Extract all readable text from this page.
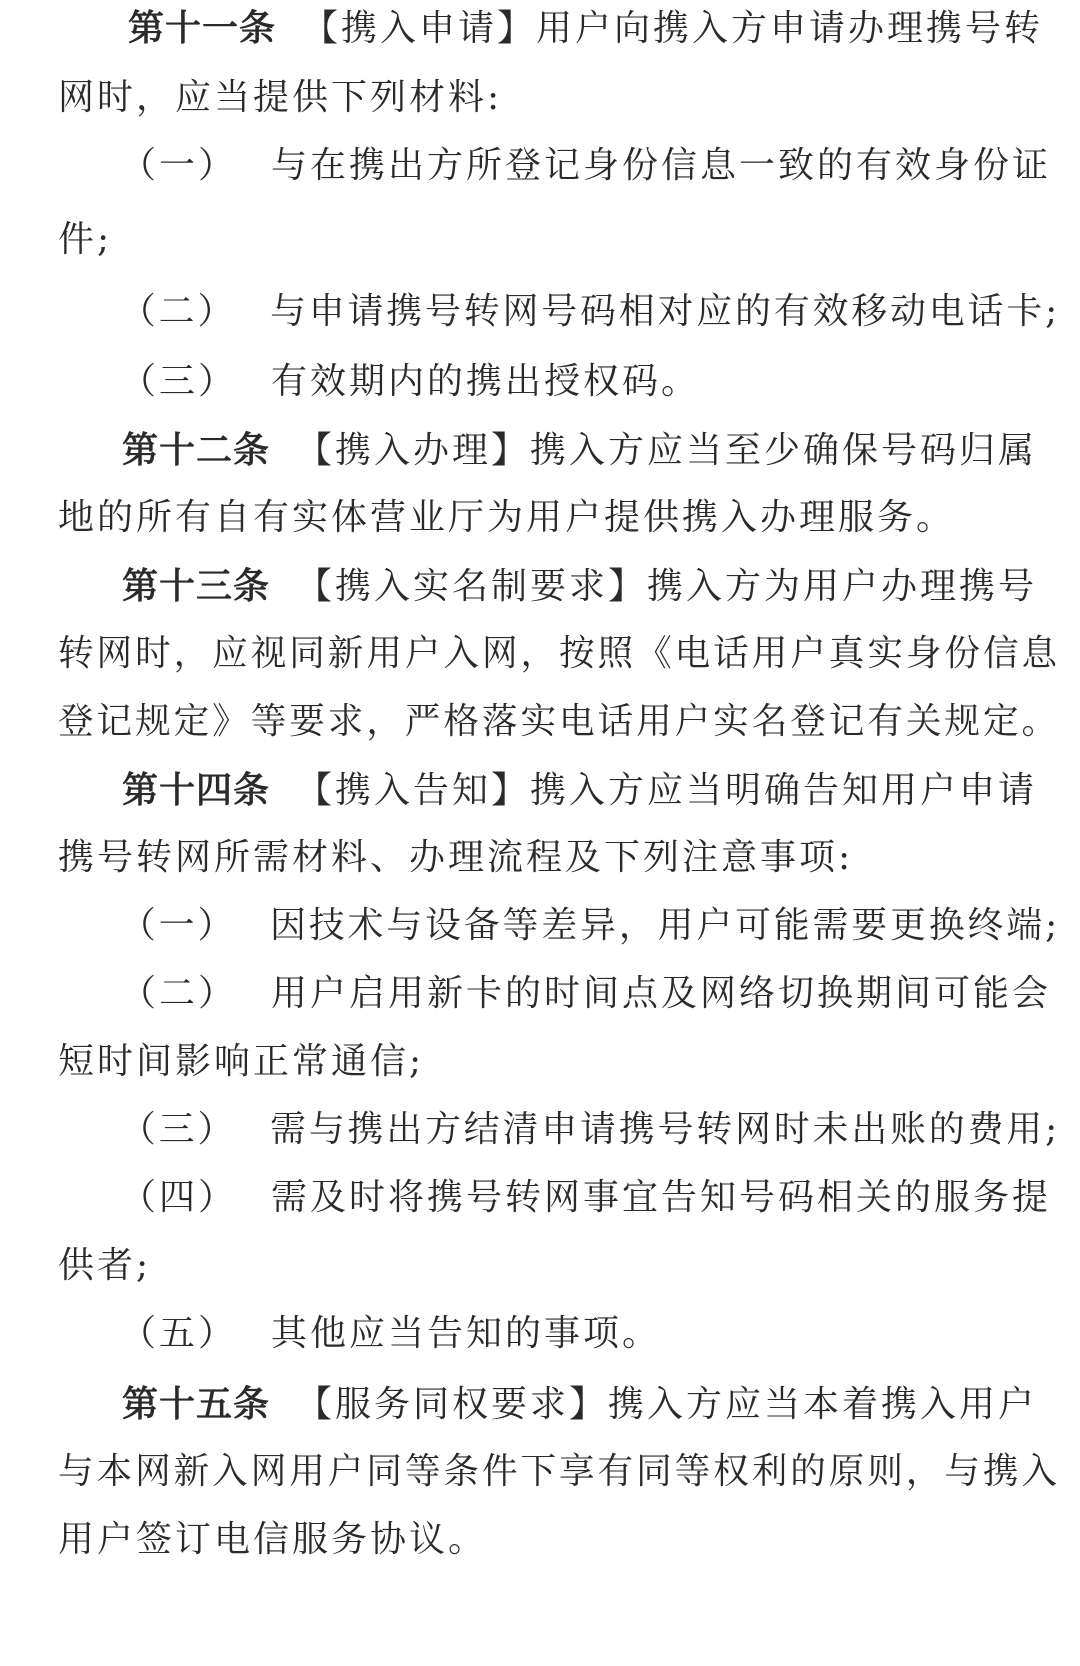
第十一条 【携入申请】用户向携入方申请办理携号转
网时，应当提供下列材料:
（一） 与在携出方所登记身份信息一致的有效身份证
件;
（二） 与申请携号转网号码相对应的有效移动电话卡;
（三） 有效期内的携出授权码。
第十二条 【携入办理】携入方应当至少确保号码归属
地的所有自有实体营业厅为用户提供携入办理服务。
第十三条 【携入实名制要求】携入方为用户办理携号
转网时，应视同新用户入网，按照《电话用户真实身份信息
登记规定》等要求，严格落实电话用户实名登记有关规定。
第十四条 【携入告知】携入方应当明确告知用户申请
携号转网所需材料、办理流程及下列注意事项:
（一） 因技术与设备等差异，用户可能需要更换终端;
（二） 用户启用新卡的时间点及网络切换期间可能会
短时间影响正常通信;
（三） 需与携出方结清申请携号转网时未出账的费用;
（四） 需及时将携号转网事宜告知号码相关的服务提
供者;
（五） 其他应当告知的事项。
第十五条 【服务同权要求】携入方应当本着携入用户
与本网新入网用户同等条件下享有同等权利的原则，与携入
用户签订电信服务协议。
